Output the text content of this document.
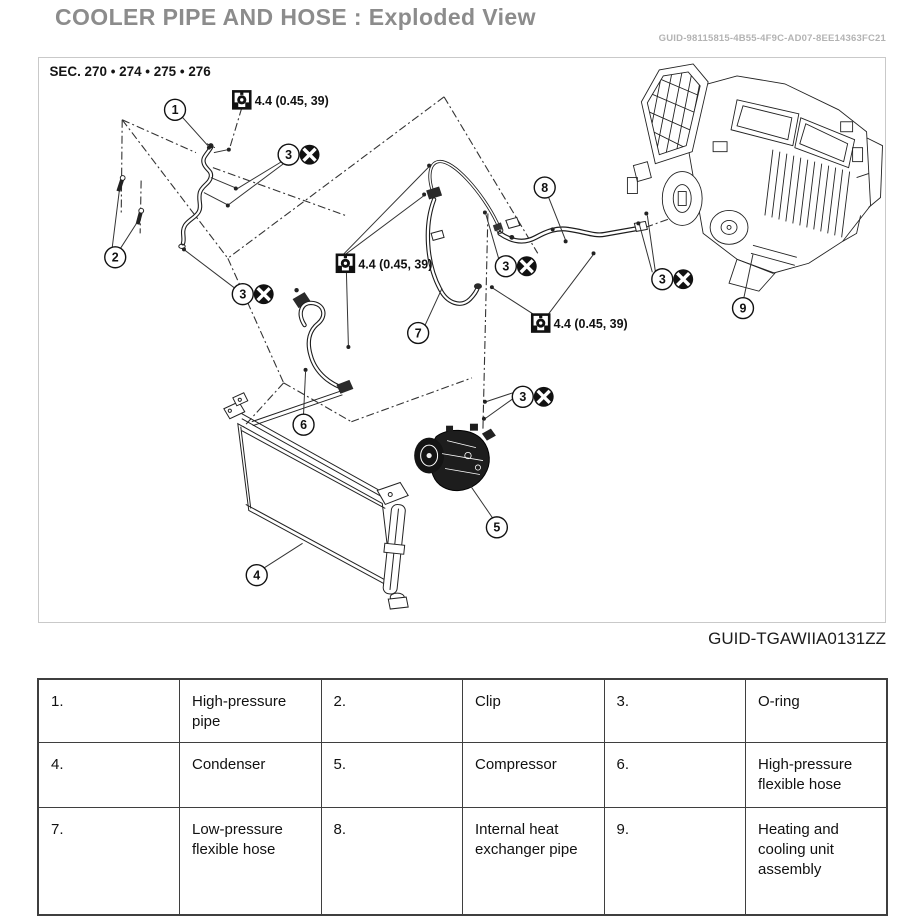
COOLER PIPE AND HOSE : Exploded View
GUID-98115815-4B55-4F9C-AD07-8EE14363FC21
SEC. 270 • 274 • 275 • 276
4.4 (0.45, 39)
4.4 (0.45, 39)
4.4 (0.45, 39)
1
2
3
3
3
3
3
4
5
6
7
8
9
GUID-TGAWIIA0131ZZ
1.	High-pressure pipe	2.	Clip	3.	O-ring
4.	Condenser	5.	Compressor	6.	High-pressure flexible hose
7.	Low-pressure flexible hose	8.	Internal heat exchanger pipe	9.	Heating and cooling unit assembly
